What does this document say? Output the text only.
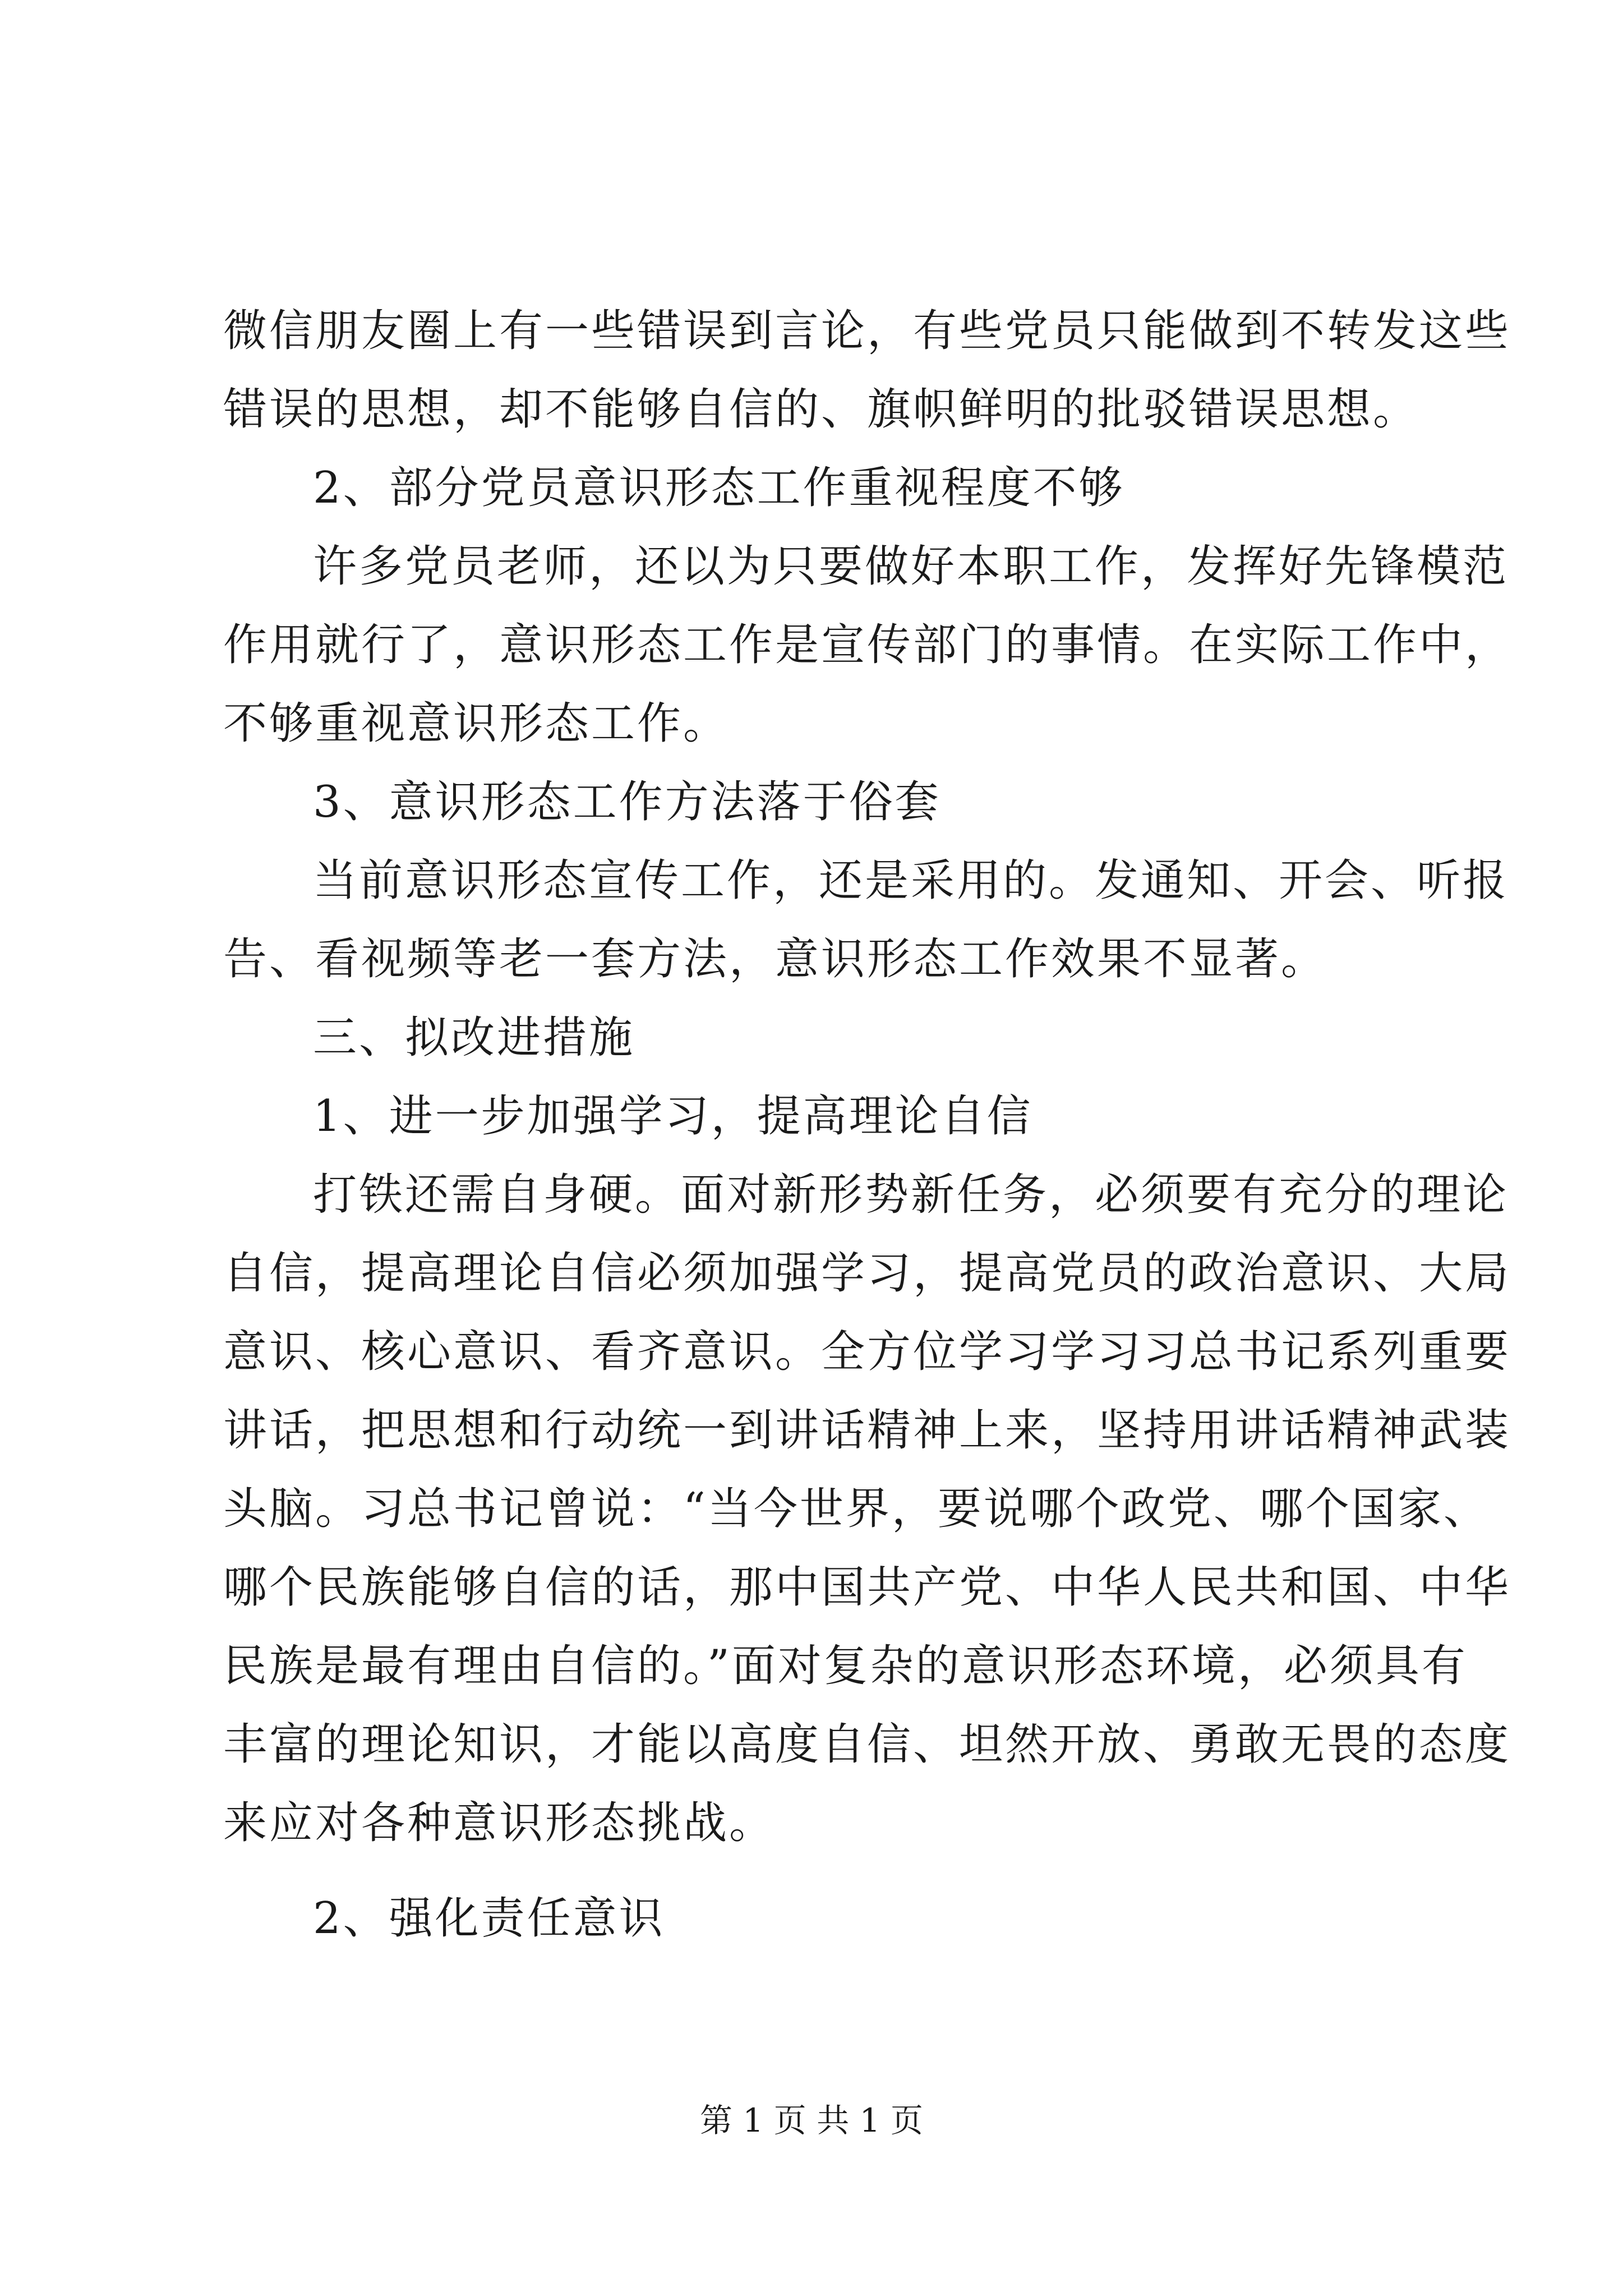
微信朋友圈上有一些错误到言论，有些党员只能做到不转发这些
错误的思想，却不能够自信的、旗帜鲜明的批驳错误思想。
2、部分党员意识形态工作重视程度不够
许多党员老师，还以为只要做好本职工作，发挥好先锋模范
作用就行了，意识形态工作是宣传部门的事情。在实际工作中，
不够重视意识形态工作。
3、意识形态工作方法落于俗套
当前意识形态宣传工作，还是采用的。发通知、开会、听报
告、看视频等老一套方法，意识形态工作效果不显著。
三、拟改进措施
1、进一步加强学习，提高理论自信
打铁还需自身硬。面对新形势新任务，必须要有充分的理论
自信，提高理论自信必须加强学习，提高党员的政治意识、大局
意识、核心意识、看齐意识。全方位学习学习习总书记系列重要
讲话，把思想和行动统一到讲话精神上来，坚持用讲话精神武装
头脑。习总书记曾说：“当今世界，要说哪个政党、哪个国家、
哪个民族能够自信的话，那中国共产党、中华人民共和国、中华
民族是最有理由自信的。”面对复杂的意识形态环境，必须具有
丰富的理论知识，才能以高度自信、坦然开放、勇敢无畏的态度
来应对各种意识形态挑战。
2、强化责任意识
第 1 页 共 1 页
